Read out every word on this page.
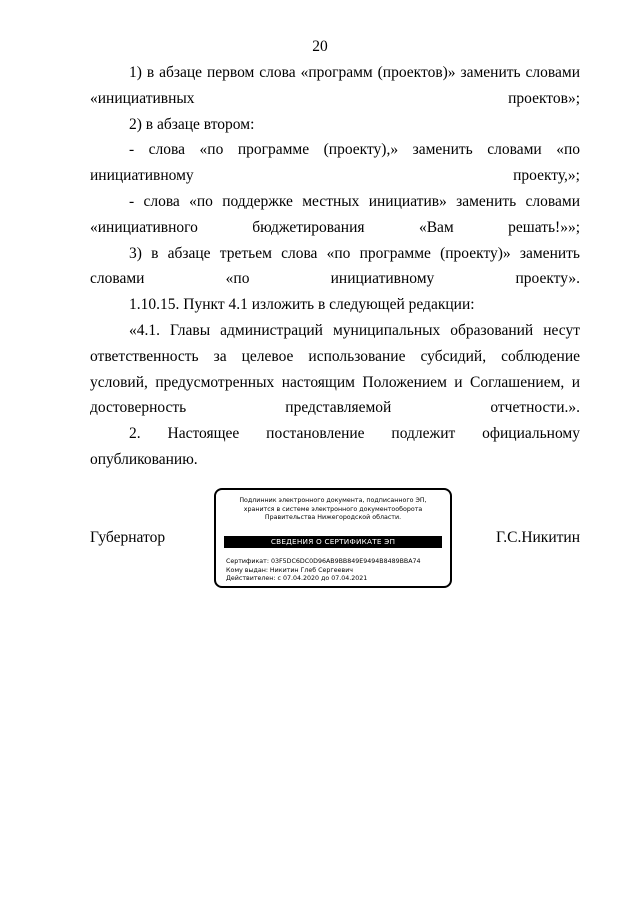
20

1) в абзаце первом слова «программ (проектов)» заменить словами «инициативных проектов»;

2) в абзаце втором:

- слова «по программе (проекту),» заменить словами «по инициативному проекту,»;

- слова «по поддержке местных инициатив» заменить словами «инициативного бюджетирования «Вам решать!»»;

3) в абзаце третьем слова «по программе (проекту)» заменить словами «по инициативному проекту».

1.10.15. Пункт 4.1 изложить в следующей редакции:

«4.1. Главы администраций муниципальных образований несут ответственность за целевое использование субсидий, соблюдение условий, предусмотренных настоящим Положением и Соглашением, и достоверность представляемой отчетности.».

2. Настоящее постановление подлежит официальному опубликованию.

Губернатор
Подлинник электронного документа, подписанного ЭП,
хранится в системе электронного документооборота
Правительства Нижегородской области.
СВЕДЕНИЯ О СЕРТИФИКАТЕ ЭП
Сертификат: 03F5DC6DC0D96AB9BB849E9494B8489BBA74
Кому выдан: Никитин Глеб Сергеевич
Действителен: с 07.04.2020 до 07.04.2021
Г.С.Никитин
